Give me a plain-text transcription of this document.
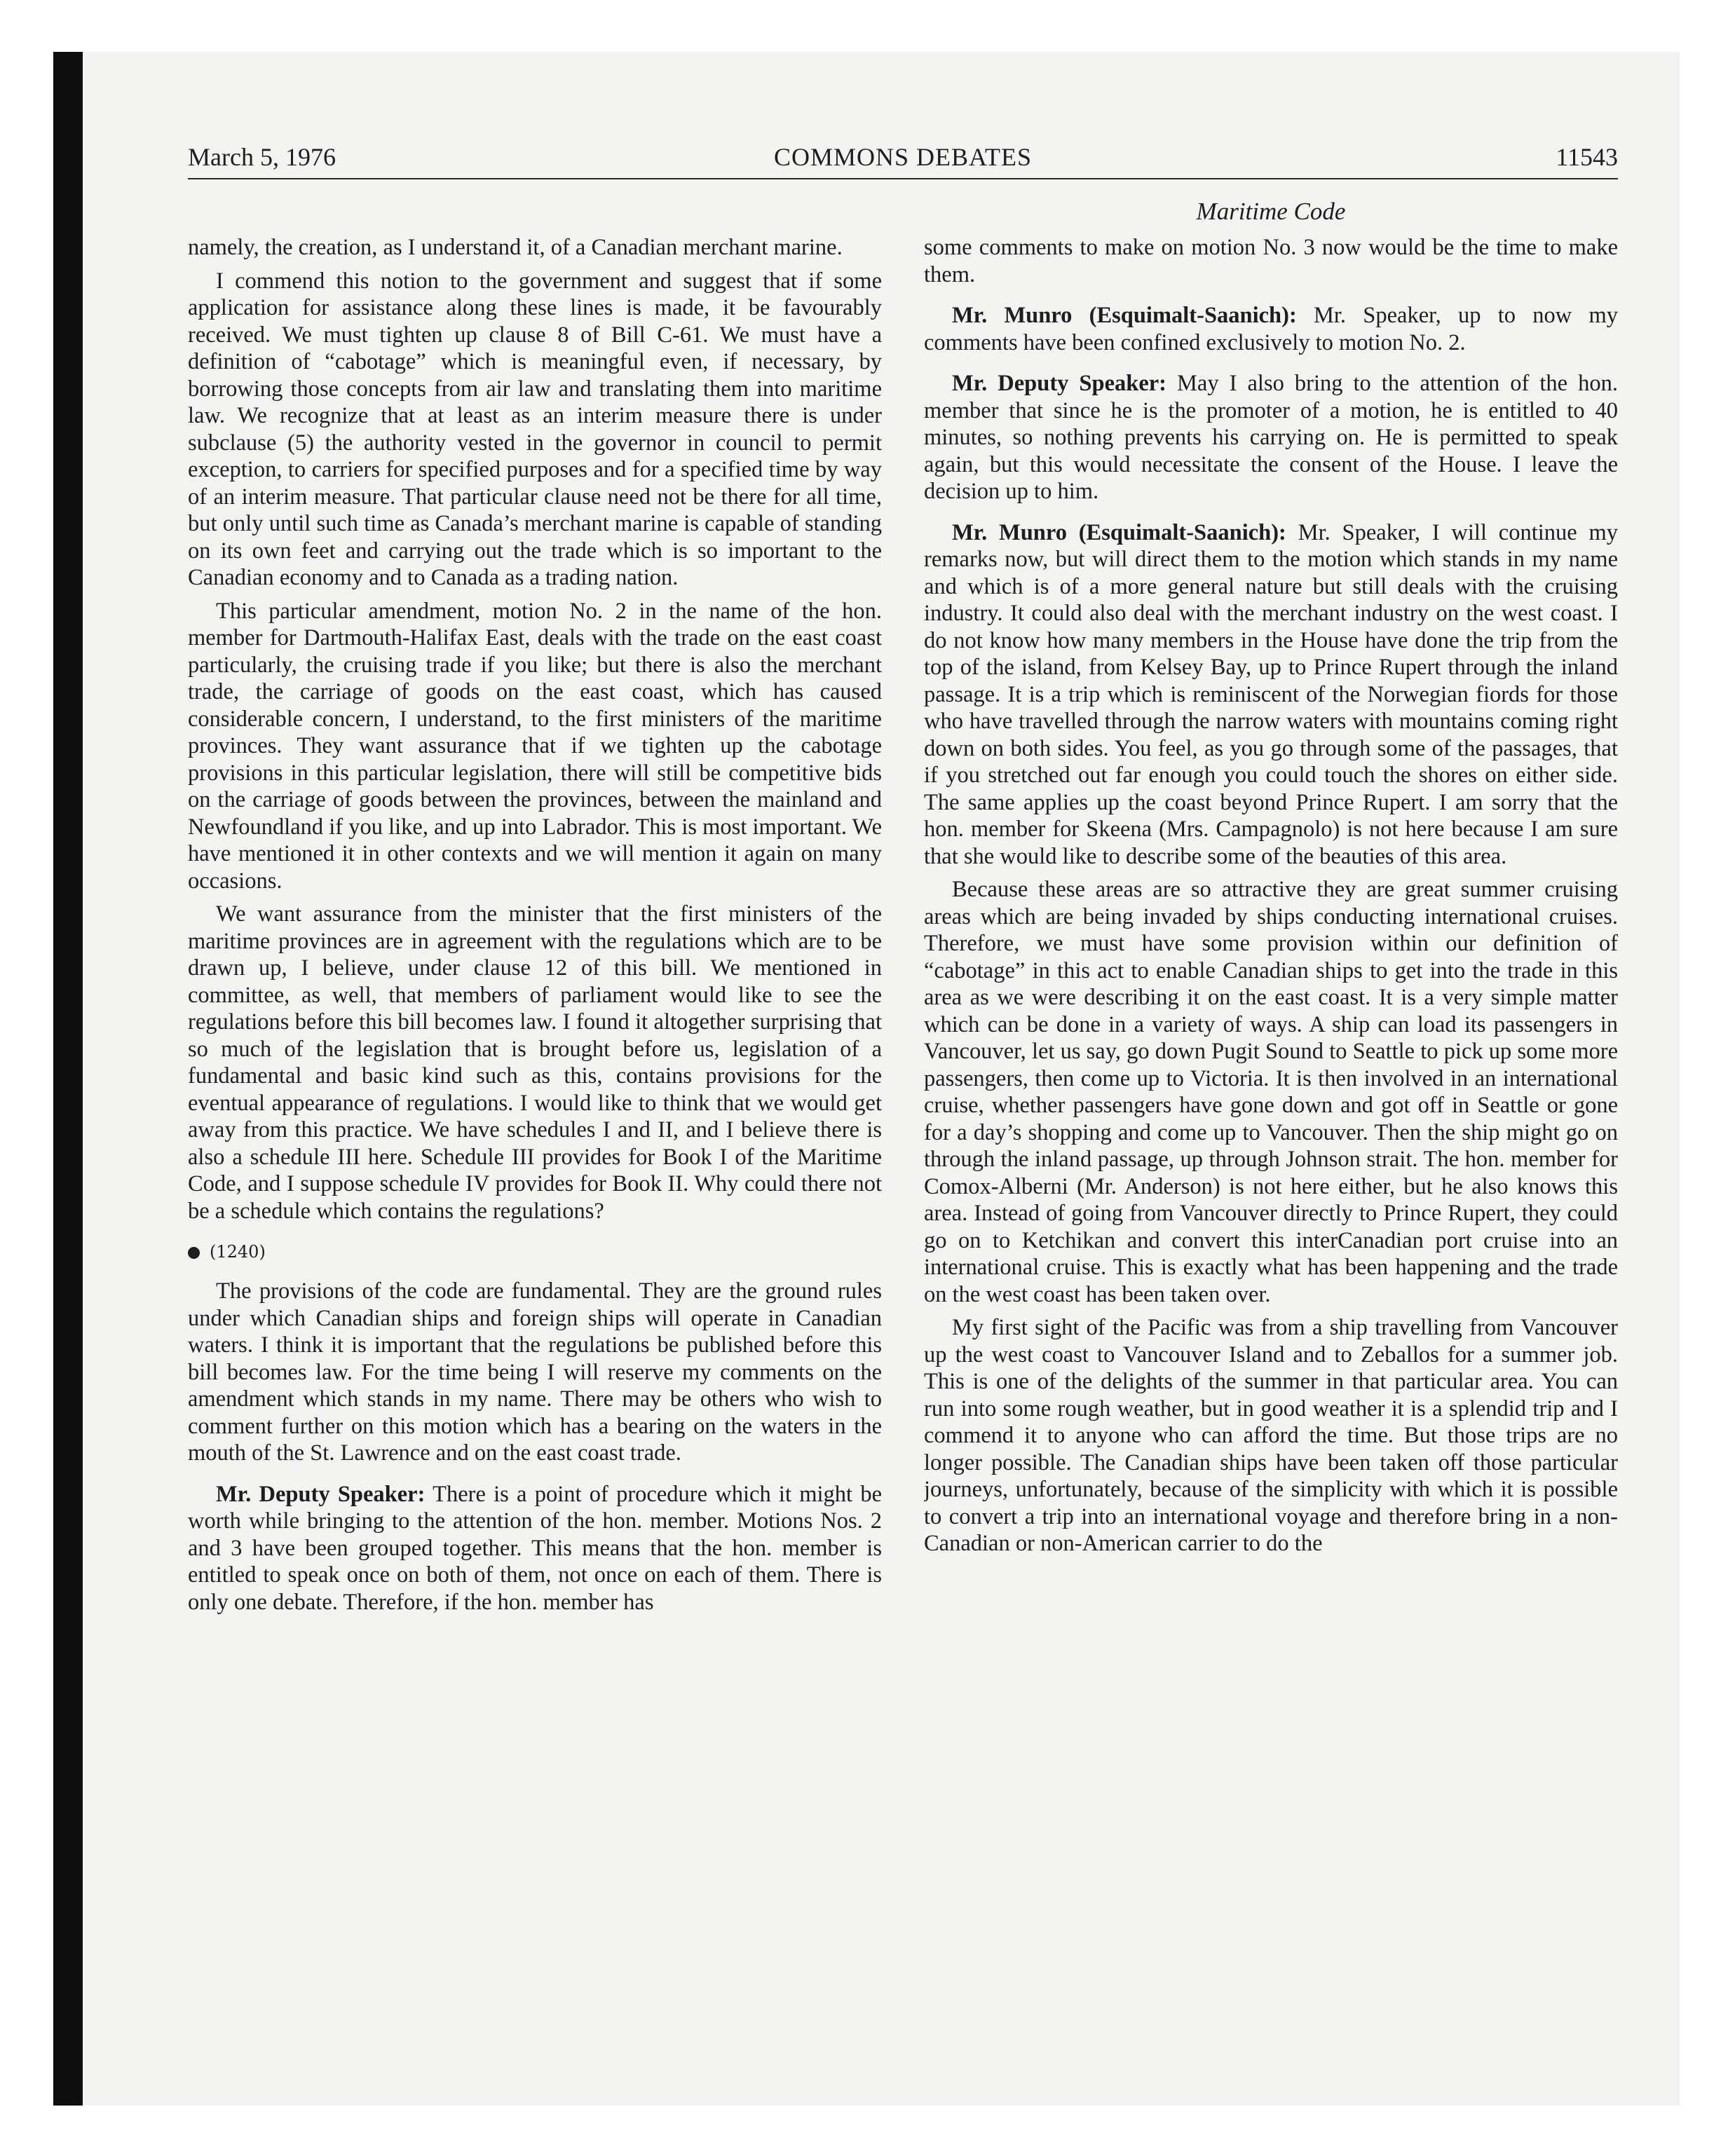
March 5, 1976	COMMONS DEBATES	11543
Maritime Code

namely, the creation, as I understand it, of a Canadian merchant marine.

I commend this notion to the government and suggest that if some application for assistance along these lines is made, it be favourably received. We must tighten up clause 8 of Bill C-61. We must have a definition of “cabotage” which is meaningful even, if necessary, by borrowing those concepts from air law and translating them into maritime law. We recognize that at least as an interim measure there is under subclause (5) the authority vested in the governor in council to permit exception, to carriers for specified purposes and for a specified time by way of an interim measure. That particular clause need not be there for all time, but only until such time as Canada’s merchant marine is capable of standing on its own feet and carrying out the trade which is so important to the Canadian economy and to Canada as a trading nation.

This particular amendment, motion No. 2 in the name of the hon. member for Dartmouth-Halifax East, deals with the trade on the east coast particularly, the cruising trade if you like; but there is also the merchant trade, the carriage of goods on the east coast, which has caused considerable concern, I understand, to the first ministers of the maritime provinces. They want assurance that if we tighten up the cabotage provisions in this particular legislation, there will still be competitive bids on the carriage of goods between the provinces, between the mainland and Newfoundland if you like, and up into Labrador. This is most important. We have mentioned it in other contexts and we will mention it again on many occasions.

We want assurance from the minister that the first ministers of the maritime provinces are in agreement with the regulations which are to be drawn up, I believe, under clause 12 of this bill. We mentioned in committee, as well, that members of parliament would like to see the regulations before this bill becomes law. I found it altogether surprising that so much of the legislation that is brought before us, legislation of a fundamental and basic kind such as this, contains provisions for the eventual appearance of regulations. I would like to think that we would get away from this practice. We have schedules I and II, and I believe there is also a schedule III here. Schedule III provides for Book I of the Maritime Code, and I suppose schedule IV provides for Book II. Why could there not be a schedule which contains the regulations?

(1240)

The provisions of the code are fundamental. They are the ground rules under which Canadian ships and foreign ships will operate in Canadian waters. I think it is important that the regulations be published before this bill becomes law. For the time being I will reserve my comments on the amendment which stands in my name. There may be others who wish to comment further on this motion which has a bearing on the waters in the mouth of the St. Lawrence and on the east coast trade.

Mr. Deputy Speaker: There is a point of procedure which it might be worth while bringing to the attention of the hon. member. Motions Nos. 2 and 3 have been grouped together. This means that the hon. member is entitled to speak once on both of them, not once on each of them. There is only one debate. Therefore, if the hon. member has

some comments to make on motion No. 3 now would be the time to make them.

Mr. Munro (Esquimalt-Saanich): Mr. Speaker, up to now my comments have been confined exclusively to motion No. 2.

Mr. Deputy Speaker: May I also bring to the attention of the hon. member that since he is the promoter of a motion, he is entitled to 40 minutes, so nothing prevents his carrying on. He is permitted to speak again, but this would necessitate the consent of the House. I leave the decision up to him.

Mr. Munro (Esquimalt-Saanich): Mr. Speaker, I will continue my remarks now, but will direct them to the motion which stands in my name and which is of a more general nature but still deals with the cruising industry. It could also deal with the merchant industry on the west coast. I do not know how many members in the House have done the trip from the top of the island, from Kelsey Bay, up to Prince Rupert through the inland passage. It is a trip which is reminiscent of the Norwegian fiords for those who have travelled through the narrow waters with mountains coming right down on both sides. You feel, as you go through some of the passages, that if you stretched out far enough you could touch the shores on either side. The same applies up the coast beyond Prince Rupert. I am sorry that the hon. member for Skeena (Mrs. Campagnolo) is not here because I am sure that she would like to describe some of the beauties of this area.

Because these areas are so attractive they are great summer cruising areas which are being invaded by ships conducting international cruises. Therefore, we must have some provision within our definition of “cabotage” in this act to enable Canadian ships to get into the trade in this area as we were describing it on the east coast. It is a very simple matter which can be done in a variety of ways. A ship can load its passengers in Vancouver, let us say, go down Pugit Sound to Seattle to pick up some more passengers, then come up to Victoria. It is then involved in an international cruise, whether passengers have gone down and got off in Seattle or gone for a day’s shopping and come up to Vancouver. Then the ship might go on through the inland passage, up through Johnson strait. The hon. member for Comox-Alberni (Mr. Anderson) is not here either, but he also knows this area. Instead of going from Vancouver directly to Prince Rupert, they could go on to Ketchikan and convert this interCanadian port cruise into an international cruise. This is exactly what has been happening and the trade on the west coast has been taken over.

My first sight of the Pacific was from a ship travelling from Vancouver up the west coast to Vancouver Island and to Zeballos for a summer job. This is one of the delights of the summer in that particular area. You can run into some rough weather, but in good weather it is a splendid trip and I commend it to anyone who can afford the time. But those trips are no longer possible. The Canadian ships have been taken off those particular journeys, unfortunately, because of the simplicity with which it is possible to convert a trip into an international voyage and therefore bring in a non-Canadian or non-American carrier to do the
